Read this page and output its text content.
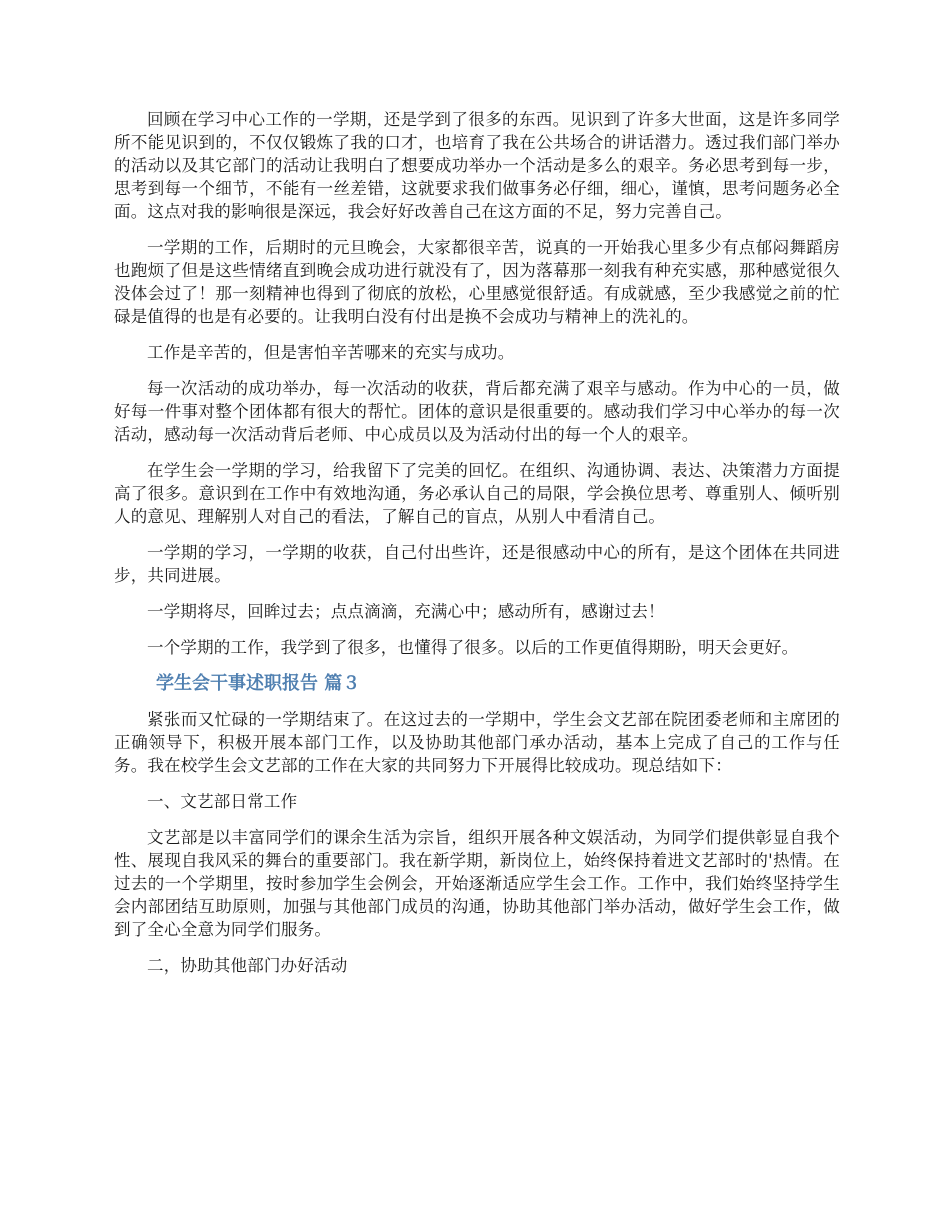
回顾在学习中心工作的一学期，还是学到了很多的东西。见识到了许多大世面，这是许多同学所不能见识到的，不仅仅锻炼了我的口才，也培育了我在公共场合的讲话潜力。透过我们部门举办的活动以及其它部门的活动让我明白了想要成功举办一个活动是多么的艰辛。务必思考到每一步，思考到每一个细节，不能有一丝差错，这就要求我们做事务必仔细，细心，谨慎，思考问题务必全面。这点对我的影响很是深远，我会好好改善自己在这方面的不足，努力完善自己。

一学期的工作，后期时的元旦晚会，大家都很辛苦，说真的一开始我心里多少有点郁闷舞蹈房也跑烦了但是这些情绪直到晚会成功进行就没有了，因为落幕那一刻我有种充实感，那种感觉很久没体会过了！那一刻精神也得到了彻底的放松，心里感觉很舒适。有成就感，至少我感觉之前的忙碌是值得的也是有必要的。让我明白没有付出是换不会成功与精神上的洗礼的。

工作是辛苦的，但是害怕辛苦哪来的充实与成功。

每一次活动的成功举办，每一次活动的收获，背后都充满了艰辛与感动。作为中心的一员，做好每一件事对整个团体都有很大的帮忙。团体的意识是很重要的。感动我们学习中心举办的每一次活动，感动每一次活动背后老师、中心成员以及为活动付出的每一个人的艰辛。

在学生会一学期的学习，给我留下了完美的回忆。在组织、沟通协调、表达、决策潜力方面提高了很多。意识到在工作中有效地沟通，务必承认自己的局限，学会换位思考、尊重别人、倾听别人的意见、理解别人对自己的看法，了解自己的盲点，从别人中看清自己。

一学期的学习，一学期的收获，自己付出些许，还是很感动中心的所有，是这个团体在共同进步，共同进展。

一学期将尽，回眸过去；点点滴滴，充满心中；感动所有，感谢过去！

一个学期的工作，我学到了很多，也懂得了很多。以后的工作更值得期盼，明天会更好。

学生会干事述职报告 篇３

紧张而又忙碌的一学期结束了。在这过去的一学期中，学生会文艺部在院团委老师和主席团的正确领导下，积极开展本部门工作，以及协助其他部门承办活动，基本上完成了自己的工作与任务。我在校学生会文艺部的工作在大家的共同努力下开展得比较成功。现总结如下：

一、文艺部日常工作

文艺部是以丰富同学们的课余生活为宗旨，组织开展各种文娱活动，为同学们提供彰显自我个性、展现自我风采的舞台的重要部门。我在新学期，新岗位上，始终保持着进文艺部时的'热情。在过去的一个学期里，按时参加学生会例会，开始逐渐适应学生会工作。工作中，我们始终坚持学生会内部团结互助原则，加强与其他部门成员的沟通，协助其他部门举办活动，做好学生会工作，做到了全心全意为同学们服务。

二，协助其他部门办好活动
